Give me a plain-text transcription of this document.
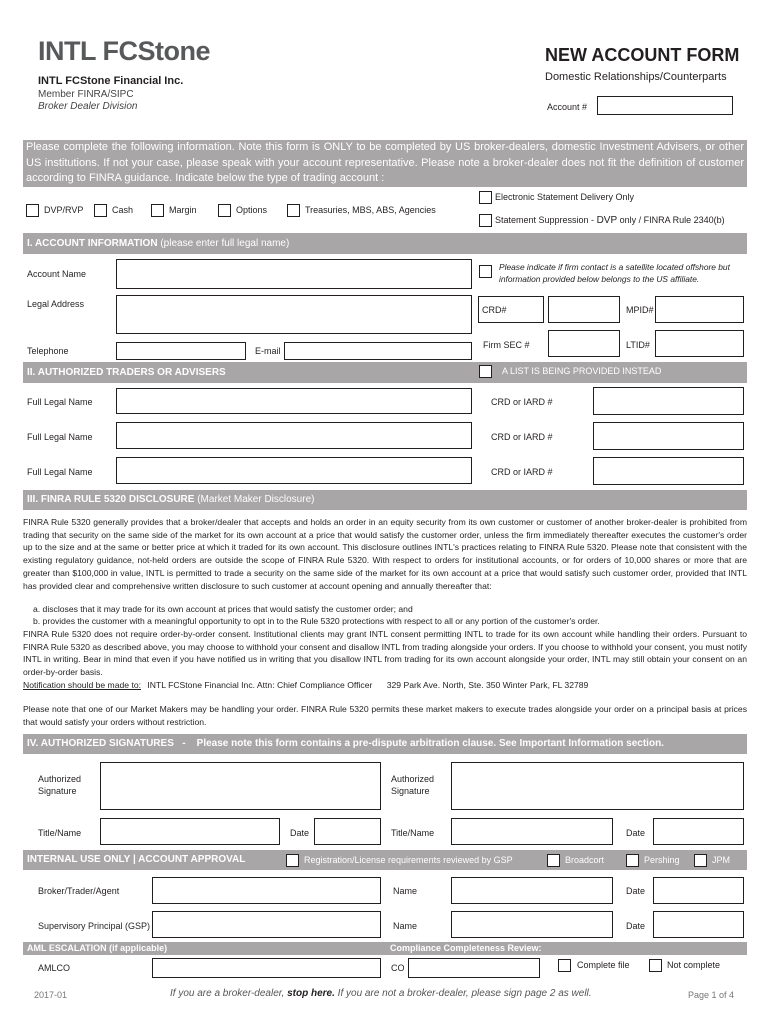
INTL FCStone
INTL FCStone Financial Inc.
Member FINRA/SIPC
Broker Dealer Division
NEW ACCOUNT FORM
Domestic Relationships/Counterparts
Account #
Please complete the following information. Note this form is ONLY to be completed by US broker-dealers, domestic Investment Advisers, or other US institutions. If not your case, please speak with your account representative. Please note a broker-dealer does not fit the definition of customer according to FINRA guidance. Indicate below the type of trading account :
DVP/RVP	Cash	Margin	Options	Treasuries, MBS, ABS, Agencies
Electronic Statement Delivery Only
Statement Suppression - DVP only / FINRA Rule 2340(b)
I. ACCOUNT INFORMATION (please enter full legal name)
Account Name
Legal Address
Telephone	E-mail
Please indicate if firm contact is a satellite located offshore but information provided below belongs to the US affiliate.
CRD#	MPID#
Firm SEC #	LTID#
II. AUTHORIZED TRADERS OR ADVISERS	A LIST IS BEING PROVIDED INSTEAD
Full Legal Name	CRD or IARD #
Full Legal Name	CRD or IARD #
Full Legal Name	CRD or IARD #
III. FINRA RULE 5320 DISCLOSURE (Market Maker Disclosure)
FINRA Rule 5320 generally provides that a broker/dealer that accepts and holds an order in an equity security from its own customer or customer of another broker-dealer is prohibited from trading that security on the same side of the market for its own account at a price that would satisfy the customer order, unless the firm immediately thereafter executes the customer's order up to the size and at the same or better price at which it traded for its own account. This disclosure outlines INTL's practices relating to FINRA Rule 5320. Please note that consistent with the existing regulatory guidance, not-held orders are outside the scope of FINRA Rule 5320. With respect to orders for institutional accounts, or for orders of 10,000 shares or more that are greater than $100,000 in value, INTL is permitted to trade a security on the same side of the market for its own account at a price that would satisfy such customer order, provided that INTL has provided clear and comprehensive written disclosure to such customer at account opening and annually thereafter that:
a. discloses that it may trade for its own account at prices that would satisfy the customer order; and
b. provides the customer with a meaningful opportunity to opt in to the Rule 5320 protections with respect to all or any portion of the customer's order.
FINRA Rule 5320 does not require order-by-order consent. Institutional clients may grant INTL consent permitting INTL to trade for its own account while handling their orders. Pursuant to FINRA Rule 5320 as described above, you may choose to withhold your consent and disallow INTL from trading alongside your orders. If you choose to withhold your consent, you must notify INTL in writing. Bear in mind that even if you have notified us in writing that you disallow INTL from trading for its own account alongside your order, INTL may still obtain your consent on an order-by-order basis.
Notification should be made to: INTL FCStone Financial Inc. Attn: Chief Compliance Officer 329 Park Ave. North, Ste. 350 Winter Park, FL 32789
Please note that one of our Market Makers may be handling your order. FINRA Rule 5320 permits these market makers to execute trades alongside your order on a principal basis at prices that would satisfy your orders without restriction.
IV. AUTHORIZED SIGNATURES   -    Please note this form contains a pre-dispute arbitration clause. See Important Information section.
Authorized Signature
Authorized Signature
Title/Name	Date	Title/Name	Date
INTERNAL USE ONLY | ACCOUNT APPROVAL	Registration/License requirements reviewed by GSP	Broadcort	Pershing	JPM
Broker/Trader/Agent	Name	Date
Supervisory Principal (GSP)	Name	Date
AML ESCALATION (if applicable)	Compliance Completeness Review:
AMLCO	CO	Complete file	Not complete
2017-01	If you are a broker-dealer, stop here. If you are not a broker-dealer, please sign page 2 as well.	Page 1 of 4
